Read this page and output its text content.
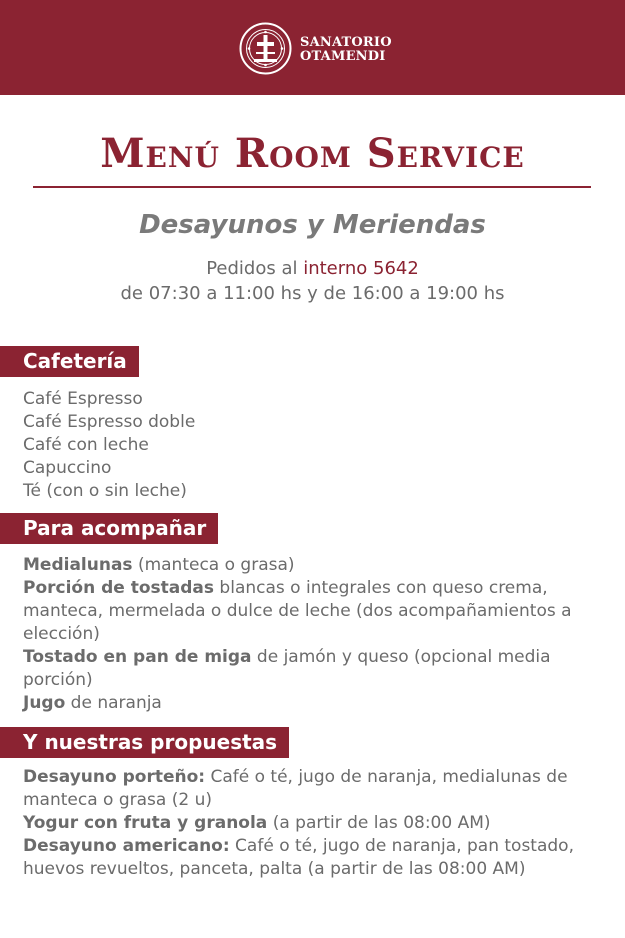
SANATORIO
OTAMENDI
Menú Room Service
Desayunos y Meriendas
Pedidos al interno 5642
de 07:30 a 11:00 hs y de 16:00 a 19:00 hs
Cafetería
Café Espresso
Café Espresso doble
Café con leche
Capuccino
Té (con o sin leche)
Para acompañar
Medialunas (manteca o grasa)
Porción de tostadas blancas o integrales con queso crema, manteca, mermelada o dulce de leche (dos acompañamientos a elección)
Tostado en pan de miga de jamón y queso (opcional media porción)
Jugo de naranja
Y nuestras propuestas
Desayuno porteño: Café o té, jugo de naranja, medialunas de manteca o grasa (2 u)
Yogur con fruta y granola (a partir de las 08:00 AM)
Desayuno americano: Café o té, jugo de naranja, pan tostado, huevos revueltos, panceta, palta (a partir de las 08:00 AM)
